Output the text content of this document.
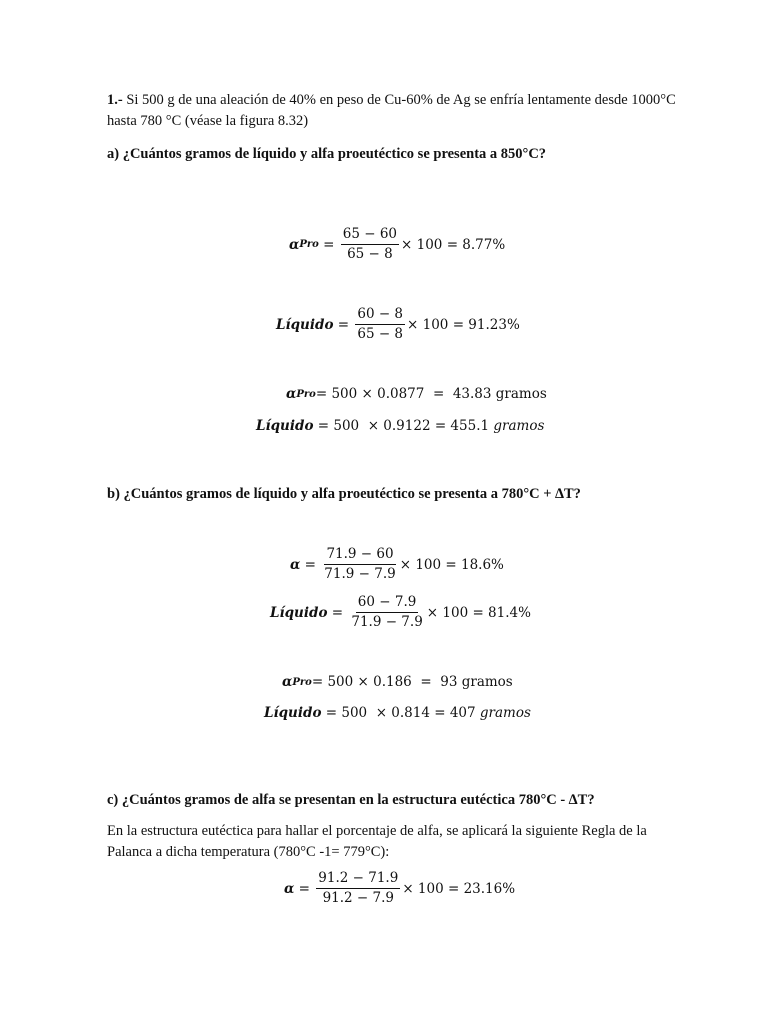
1.- Si 500 g de una aleación de 40% en peso de Cu-60% de Ag se enfría lentamente desde 1000°C

hasta 780 °C (véase la figura 8.32)

a) ¿Cuántos gramos de líquido y alfa proeutéctico se presenta a 850°C?

α Pro = $\frac{65 - 60}{65 - 8} \times 100 = 8.77\%$
Líquido = $\frac{60 - 8}{65 - 8} \times 100 = 91.23\%$
α Pro = 500 × 0.0877  =  43.83 gramos
Líquido
= 500  × 0.9122 = 455.1 gramos

b) ¿Cuántos gramos de líquido y alfa proeutéctico se presenta a 780°C + ∆T?

$\alpha = \frac{71.9 - 60}{71.9 - 7.9} \times 100 = 18.6\%$
Líquido = $\frac{60 - 7.9}{71.9 - 7.9} \times 100 = 81.4\%$
α Pro = 500 × 0.186  =  93 gramos
Líquido
= 500  × 0.814 = 407 gramos

c) ¿Cuántos gramos de alfa se presentan en la estructura eutéctica 780°C - ∆T?

En la estructura eutéctica para hallar el porcentaje de alfa, se aplicará la siguiente Regla de la

Palanca a dicha temperatura (780°C -1= 779°C):

$\alpha = \frac{91.2 - 71.9}{91.2 - 7.9} \times 100 = 23.16\%$
